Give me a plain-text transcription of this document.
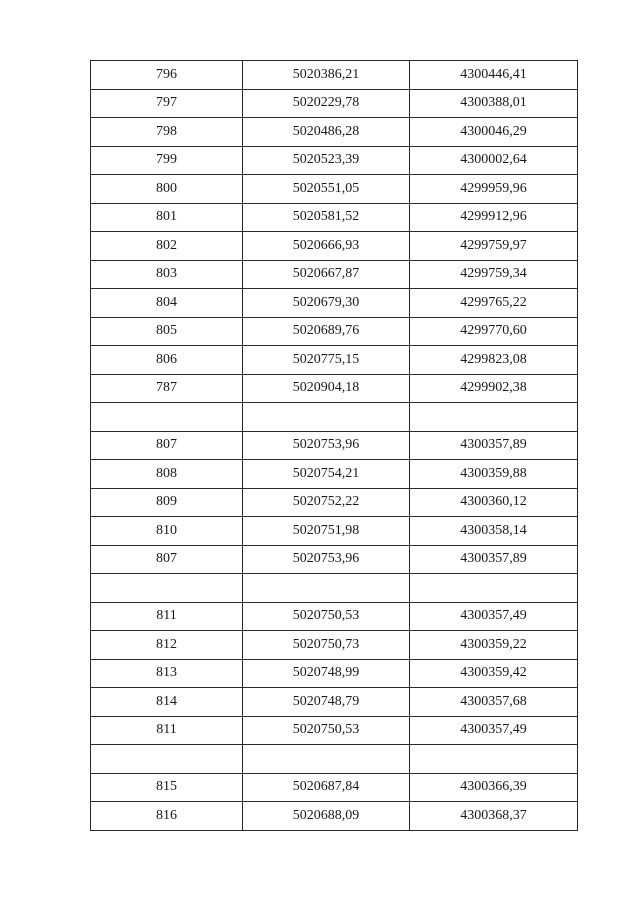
796	5020386,21	4300446,41
797	5020229,78	4300388,01
798	5020486,28	4300046,29
799	5020523,39	4300002,64
800	5020551,05	4299959,96
801	5020581,52	4299912,96
802	5020666,93	4299759,97
803	5020667,87	4299759,34
804	5020679,30	4299765,22
805	5020689,76	4299770,60
806	5020775,15	4299823,08
787	5020904,18	4299902,38

807	5020753,96	4300357,89
808	5020754,21	4300359,88
809	5020752,22	4300360,12
810	5020751,98	4300358,14
807	5020753,96	4300357,89

811	5020750,53	4300357,49
812	5020750,73	4300359,22
813	5020748,99	4300359,42
814	5020748,79	4300357,68
811	5020750,53	4300357,49

815	5020687,84	4300366,39
816	5020688,09	4300368,37
